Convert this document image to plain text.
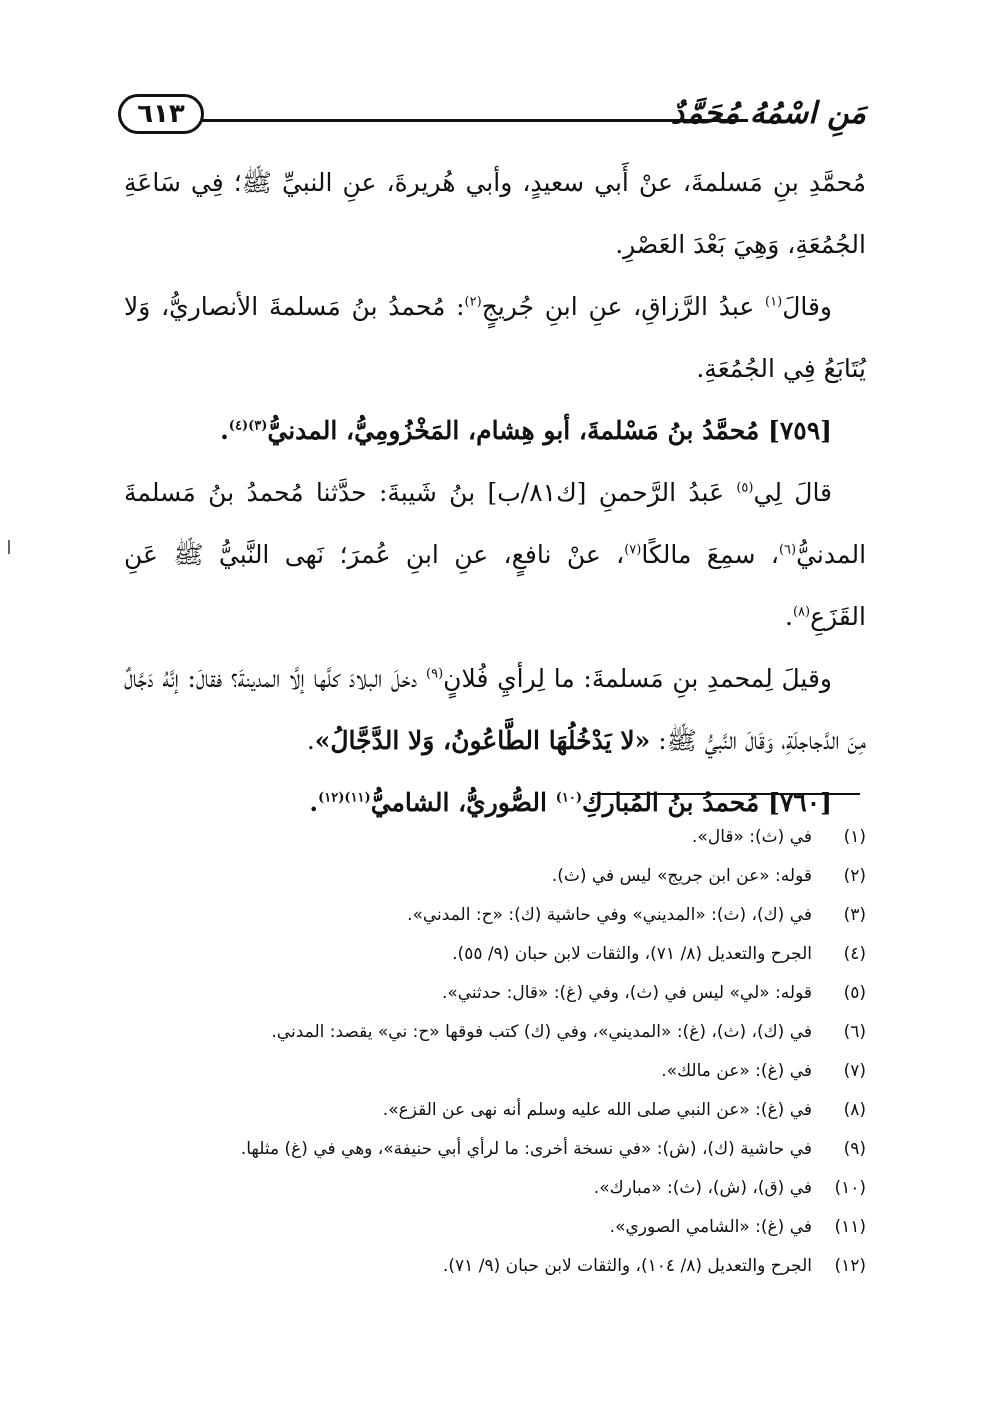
٦١٣	مَنِ اسْمُهُ مُحَمَّدٌ

مُحمَّدِ بنِ مَسلمةَ، عنْ أَبي سعيدٍ، وأبي هُريرةَ، عنِ النبيِّ ﷺ؛ فِي سَاعَةِ الجُمُعَةِ، وَهِيَ بَعْدَ العَصْرِ.

وقالَ$^{(١)}$ عبدُ الرَّزاقِ، عنِ ابنِ جُريجٍ$^{(٢)}$: مُحمدُ بنُ مَسلمةَ الأنصاريُّ، وَلا يُتَابَعُ فِي الجُمُعَةِ.

[٧٥٩] مُحمَّدُ بنُ مَسْلمةَ، أبو هِشام، المَخْزُومِيُّ، المدنيُّ$^{(٣)(٤)}$.

قالَ لِي$^{(٥)}$ عَبدُ الرَّحمنِ [ك٨١/ب] بنُ شَيبةَ: حدَّثنا مُحمدُ بنُ مَسلمةَ المدنيُّ$^{(٦)}$، سمِعَ مالكًا$^{(٧)}$، عنْ نافعٍ، عنِ ابنِ عُمرَ؛ نَهى النَّبيُّ ﷺ عَنِ القَزَعِ$^{(٨)}$.

وقيلَ لِمحمدِ بنِ مَسلمةَ: ما لِرأيِ فُلانٍ$^{(٩)}$ دخلَ البلادَ كلَّها إلَّا المدينةَ؟ فقالَ: إنَّهُ دَجَّالٌ مِنَ الدَّجاجلَةِ، وَقَالَ النَّبيُّ ﷺ: «لا يَدْخُلُهَا الطَّاعُونُ، وَلا الدَّجَّالُ».

[٧٦٠] مُحمدُ بنُ المُباركِ$^{(١٠)}$ الصُّوريُّ، الشاميُّ$^{(١١)(١٢)}$.

(١)
في (ث): «قال».
(٢)
قوله: «عن ابن جريج» ليس في (ث).
(٣)
في (ك)، (ث): «المديني» وفي حاشية (ك): «ح: المدني».
(٤)
الجرح والتعديل (٨/ ٧١)، والثقات لابن حبان (٩/ ٥٥).
(٥)
قوله: «لي» ليس في (ث)، وفي (غ): «قال: حدثني».
(٦)
في (ك)، (ث)، (غ): «المديني»، وفي (ك) كتب فوقها «ح: ني» يقصد: المدني.
(٧)
في (غ): «عن مالك».
(٨)
في (غ): «عن النبي صلى الله عليه وسلم أنه نهى عن القزع».
(٩)
في حاشية (ك)، (ش): «في نسخة أخرى: ما لرأي أبي حنيفة»، وهي في (غ) مثلها.
(١٠)
في (ق)، (ش)، (ث): «مبارك».
(١١)
في (غ): «الشامي الصوري».
(١٢)
الجرح والتعديل (٨/ ١٠٤)، والثقات لابن حبان (٩/ ٧١).
